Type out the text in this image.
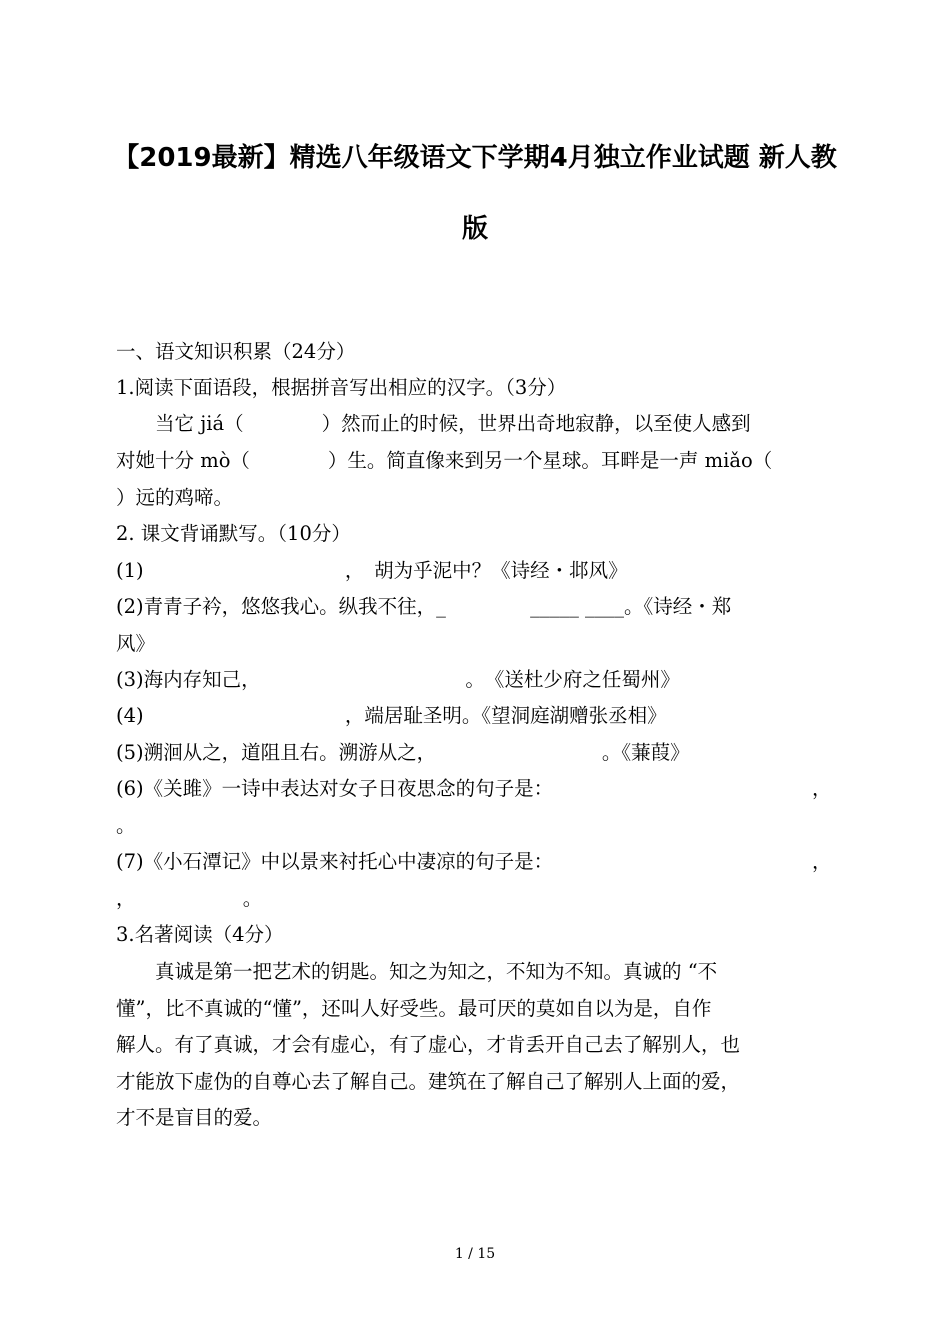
【2019最新】精选八年级语文下学期4月独立作业试题 新人教
版
一、语文知识积累（24分）
1.阅读下面语段，根据拼音写出相应的汉字。（3分）
　　当它 jiá（　　　　）然而止的时候，世界出奇地寂静，以至使人感到
对她十分 mò（　　　　）生。简直像来到另一个星球。耳畔是一声 miǎo（
）远的鸡啼。
2. 课文背诵默写。（10分）
(1)　　　　　　　　　　 ，　胡为乎泥中？《诗经・邶风》
(2)青青子衿，悠悠我心。纵我不往，_　　　　 _____ ____。《诗经・郑
风》
(3)海内存知己，　　　　　　　　　　　。　《送杜少府之任蜀州》
(4)　　　　　　　　　　 ，端居耻圣明。《望洞庭湖赠张丞相》
(5)溯洄从之，道阻且右。溯游从之，　　　　　　　　　。《蒹葭》
(6)《关雎》一诗中表达对女子日夜思念的句子是：	，
。
(7)《小石潭记》中以景来衬托心中凄凉的句子是：	，
，　　　　　　。
3.名著阅读（4分）
　　真诚是第一把艺术的钥匙。知之为知之，不知为不知。真诚的 “不
懂”，比不真诚的“懂”，还叫人好受些。最可厌的莫如自以为是，自作
解人。有了真诚，才会有虚心，有了虚心，才肯丢开自己去了解别人，也
才能放下虚伪的自尊心去了解自己。建筑在了解自己了解别人上面的爱，
才不是盲目的爱。
1 / 15
